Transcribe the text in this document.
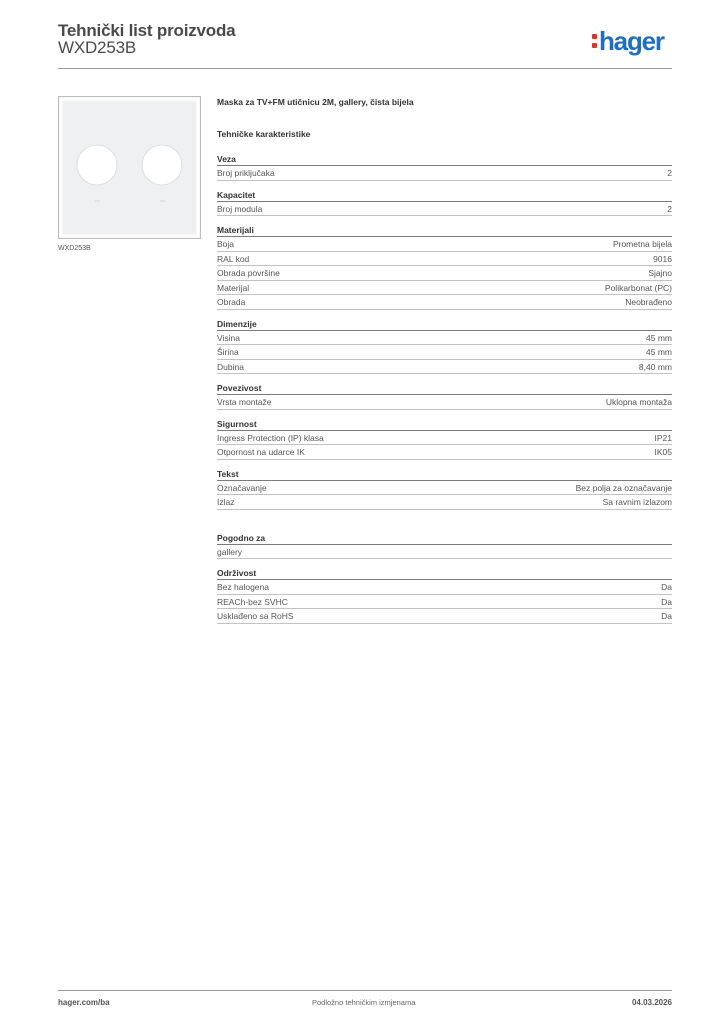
Tehnički list proizvoda
WXD253B	hager
WXD253B
Maska za TV+FM utičnicu 2M, gallery, čista bijela
Tehničke karakteristike
Veza
Broj priključaka	2
Kapacitet
Broj modula	2
Materijali
Boja	Prometna bijela
RAL kod	9016
Obrada površine	Sjajno
Materijal	Polikarbonat (PC)
Obrada	Neobrađeno
Dimenzije
Visina	45 mm
Širina	45 mm
Dubina	8,40 mm
Povezivost
Vrsta montaže	Uklopna montaža
Sigurnost
Ingress Protection (IP) klasa	IP21
Otpornost na udarce IK	IK05
Tekst
Označavanje	Bez polja za označavanje
Izlaz	Sa ravnim izlazom
Pogodno za
gallery
Održivost
Bez halogena	Da
REACh-bez SVHC	Da
Usklađeno sa RoHS	Da
hager.com/ba	Podložno tehničkim izmjenama	04.03.2026
